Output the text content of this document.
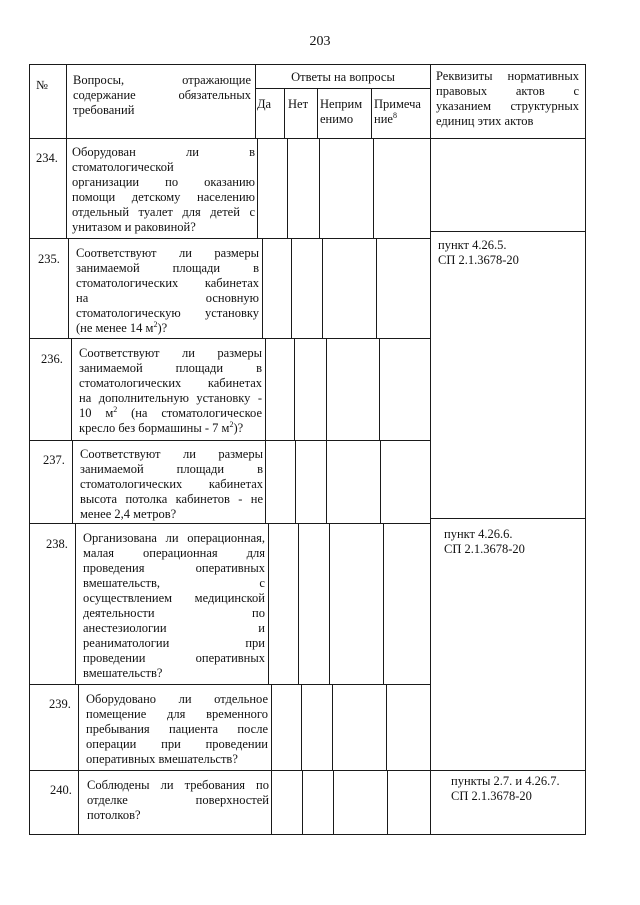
203
№ Вопросы, отражающие
содержание обязательных
требований
Ответы на вопросы
Да Нет Неприм
енимо
Примеча
ние$^8$
Реквизиты нормативных
правовых актов с
указанием структурных
единиц этих актов
234. Оборудован ли в
стоматологической
организации по оказанию
помощи детскому населению
отдельный туалет для детей с
унитазом и раковиной?
235. Соответствуют ли размеры
занимаемой площади в
стоматологических кабинетах
на основную
стоматологическую установку
(не менее 14 $м^2$)?
236. Соответствуют ли размеры
занимаемой площади в
стоматологических кабинетах
на дополнительную установку -
10 $м^2$ (на стоматологическое
кресло без бормашины - 7 $м^2$)?
237. Соответствуют ли размеры
занимаемой площади в
стоматологических кабинетах
высота потолка кабинетов - не
менее 2,4 метров?
238. Организована ли операционная,
малая операционная для
проведения оперативных
вмешательств, с
осуществлением медицинской
деятельности по
анестезиологии и
реаниматологии при
проведении оперативных
вмешательств?
239. Оборудовано ли отдельное
помещение для временного
пребывания пациента после
операции при проведении
оперативных вмешательств?
240. Соблюдены ли требования по
отделке поверхностей
потолков?
пункт 4.26.5.
СП 2.1.3678-20
пункт 4.26.6.
СП 2.1.3678-20
пункты 2.7. и 4.26.7.
СП 2.1.3678-20
